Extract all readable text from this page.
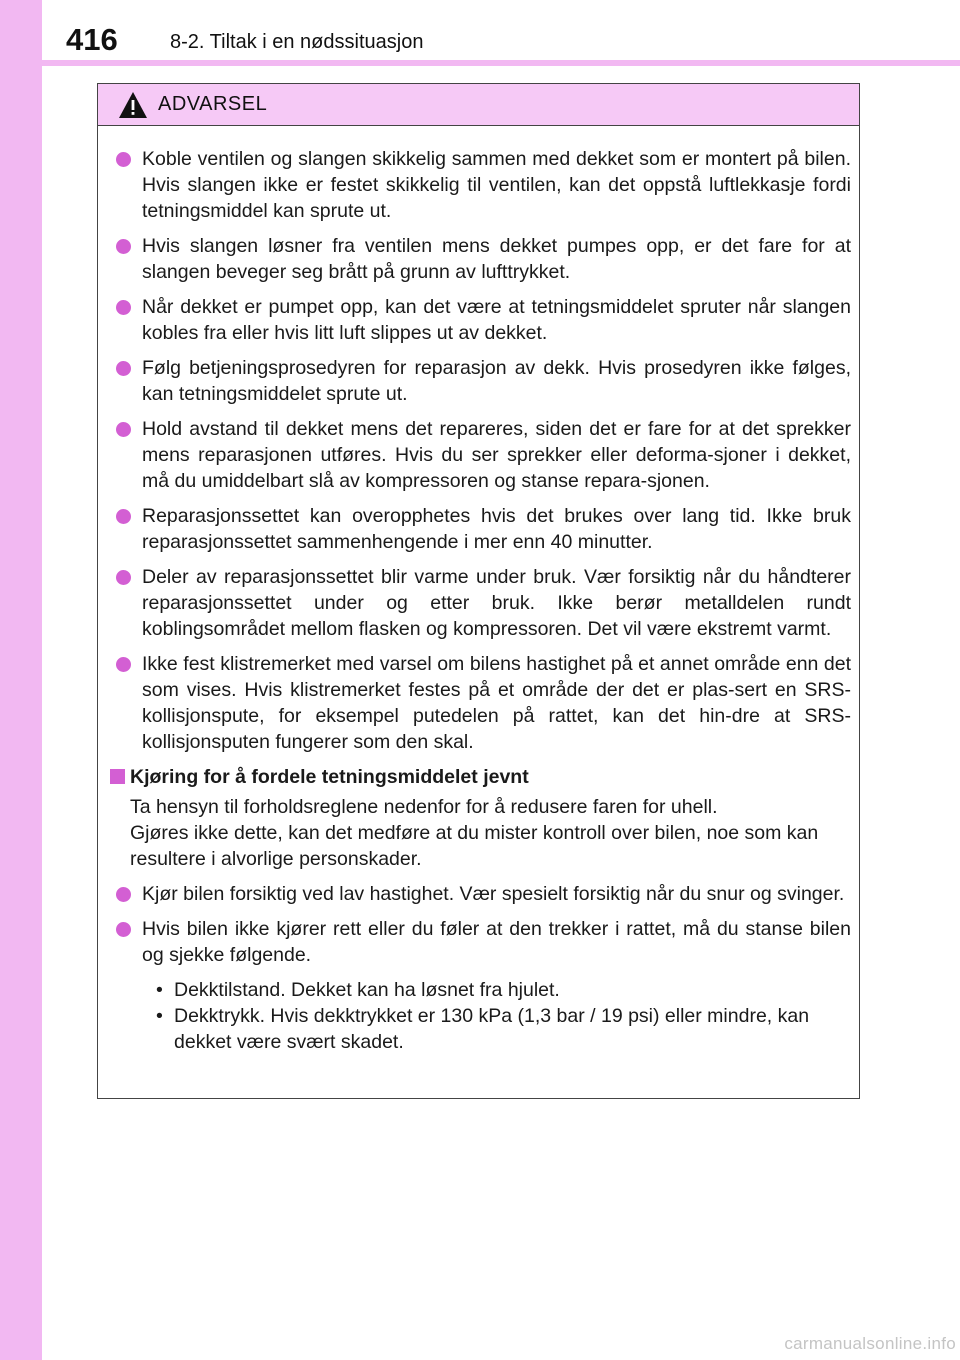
416	8-2. Tiltak i en nødssituasjon
ADVARSEL
Koble ventilen og slangen skikkelig sammen med dekket som er montert på bilen. Hvis slangen ikke er festet skikkelig til ventilen, kan det oppstå luftlekkasje fordi tetningsmiddel kan sprute ut.
Hvis slangen løsner fra ventilen mens dekket pumpes opp, er det fare for at slangen beveger seg brått på grunn av lufttrykket.
Når dekket er pumpet opp, kan det være at tetningsmiddelet spruter når slangen kobles fra eller hvis litt luft slippes ut av dekket.
Følg betjeningsprosedyren for reparasjon av dekk. Hvis prosedyren ikke følges, kan tetningsmiddelet sprute ut.
Hold avstand til dekket mens det repareres, siden det er fare for at det sprekker mens reparasjonen utføres. Hvis du ser sprekker eller deforma-sjoner i dekket, må du umiddelbart slå av kompressoren og stanse repara-sjonen.
Reparasjonssettet kan overopphetes hvis det brukes over lang tid. Ikke bruk reparasjonssettet sammenhengende i mer enn 40 minutter.
Deler av reparasjonssettet blir varme under bruk. Vær forsiktig når du håndterer reparasjonssettet under og etter bruk. Ikke berør metalldelen rundt koblingsområdet mellom flasken og kompressoren. Det vil være ekstremt varmt.
Ikke fest klistremerket med varsel om bilens hastighet på et annet område enn det som vises. Hvis klistremerket festes på et område der det er plas-sert en SRS-kollisjonspute, for eksempel putedelen på rattet, kan det hin-dre at SRS-kollisjonsputen fungerer som den skal.
Kjøring for å fordele tetningsmiddelet jevnt
Ta hensyn til forholdsreglene nedenfor for å redusere faren for uhell.
Gjøres ikke dette, kan det medføre at du mister kontroll over bilen, noe som kan resultere i alvorlige personskader.
Kjør bilen forsiktig ved lav hastighet. Vær spesielt forsiktig når du snur og svinger.
Hvis bilen ikke kjører rett eller du føler at den trekker i rattet, må du stanse bilen og sjekke følgende.
• Dekktilstand. Dekket kan ha løsnet fra hjulet.
• Dekktrykk. Hvis dekktrykket er 130 kPa (1,3 bar / 19 psi) eller mindre, kan dekket være svært skadet.
carmanualsonline.info
